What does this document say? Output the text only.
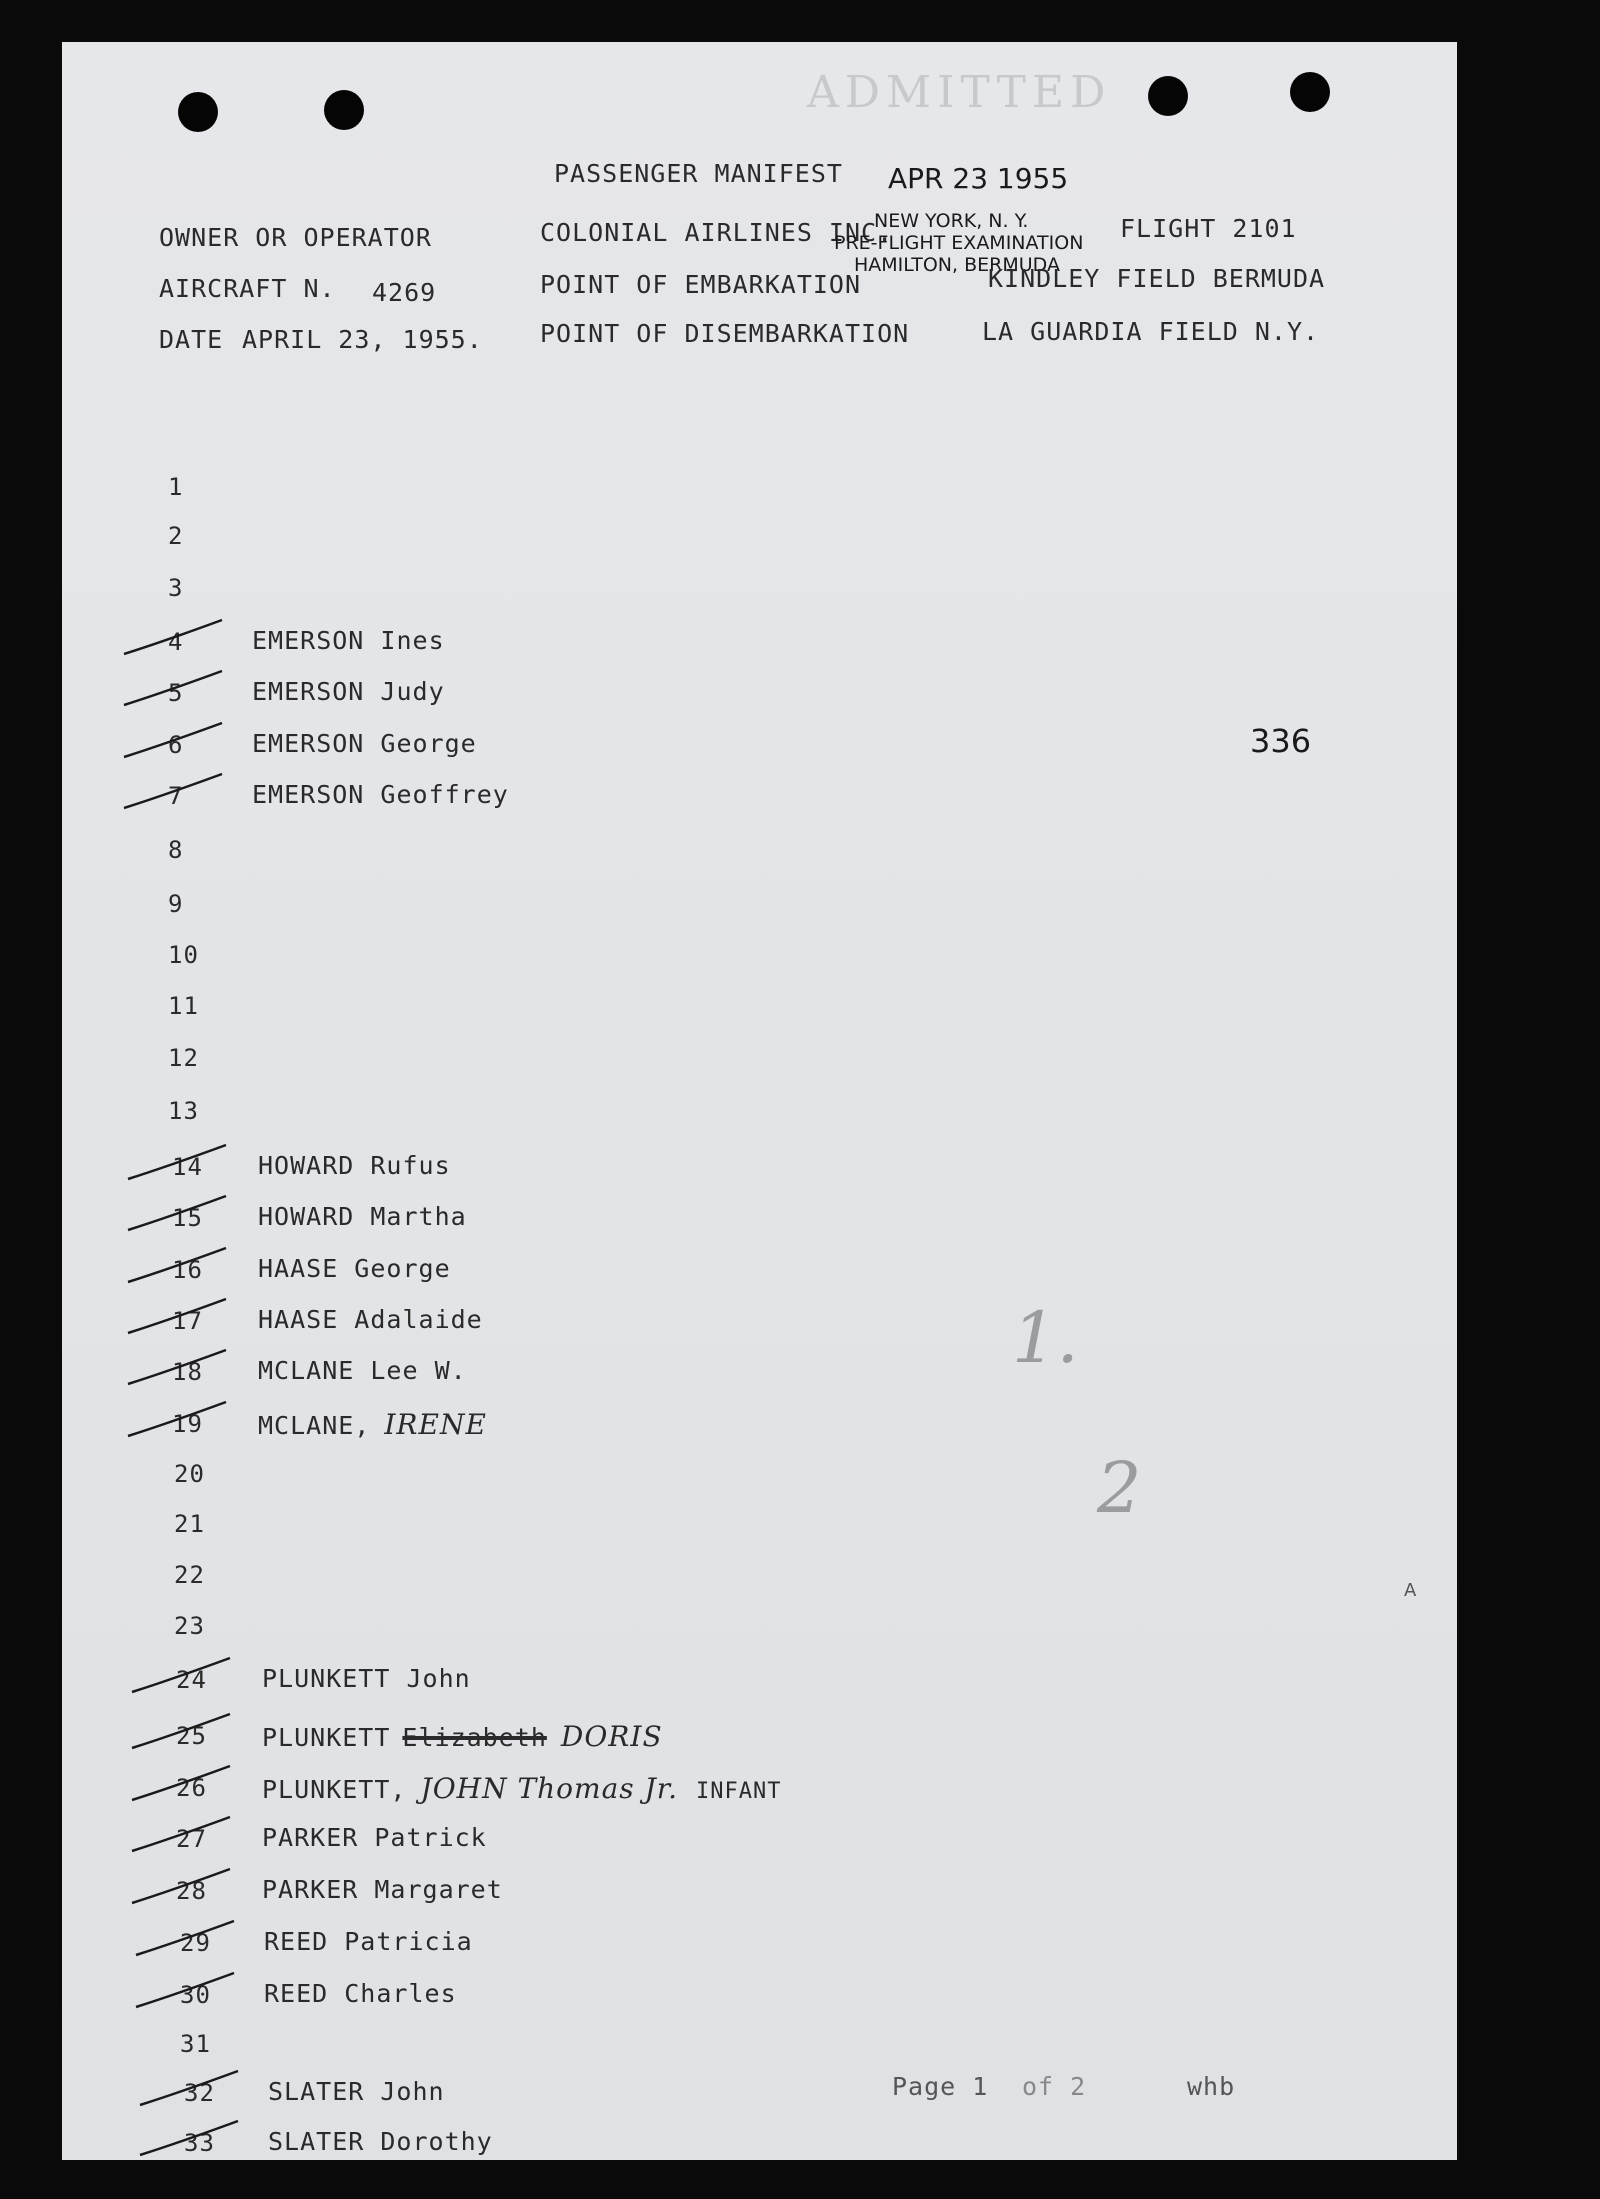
ADMITTED
PASSENGER MANIFEST APR 23 1955
OWNER OR OPERATOR	COLONIAL AIRLINES INC.
NEW YORK, N. Y.
PRE-FLIGHT EXAMINATION
HAMILTON, BERMUDA
FLIGHT 2101
AIRCRAFT N. 4269	POINT OF EMBARKATION	KINDLEY FIELD BERMUDA
DATE APRIL 23, 1955. POINT OF DISEMBARKATION	LA GUARDIA FIELD N.Y.
336
1.
2
A
1
2
3
4	EMERSON Ines
5	EMERSON Judy
6	EMERSON George
7	EMERSON Geoffrey
8
9
10
11
12
13
14 HOWARD Rufus
15 HOWARD Martha
16 HAASE George
17 HAASE Adalaide
18 MCLANE Lee W.
19 MCLANE, IRENE
20
21
22
23
24 PLUNKETT John
25 PLUNKETT Elizabeth DORIS
26 PLUNKETT, JOHN Thomas Jr. INFANT
27 PARKER Patrick
28 PARKER Margaret
29 REED Patricia
30 REED Charles
31
32 SLATER John
33 SLATER Dorothy
Page 1 of 2	whb
